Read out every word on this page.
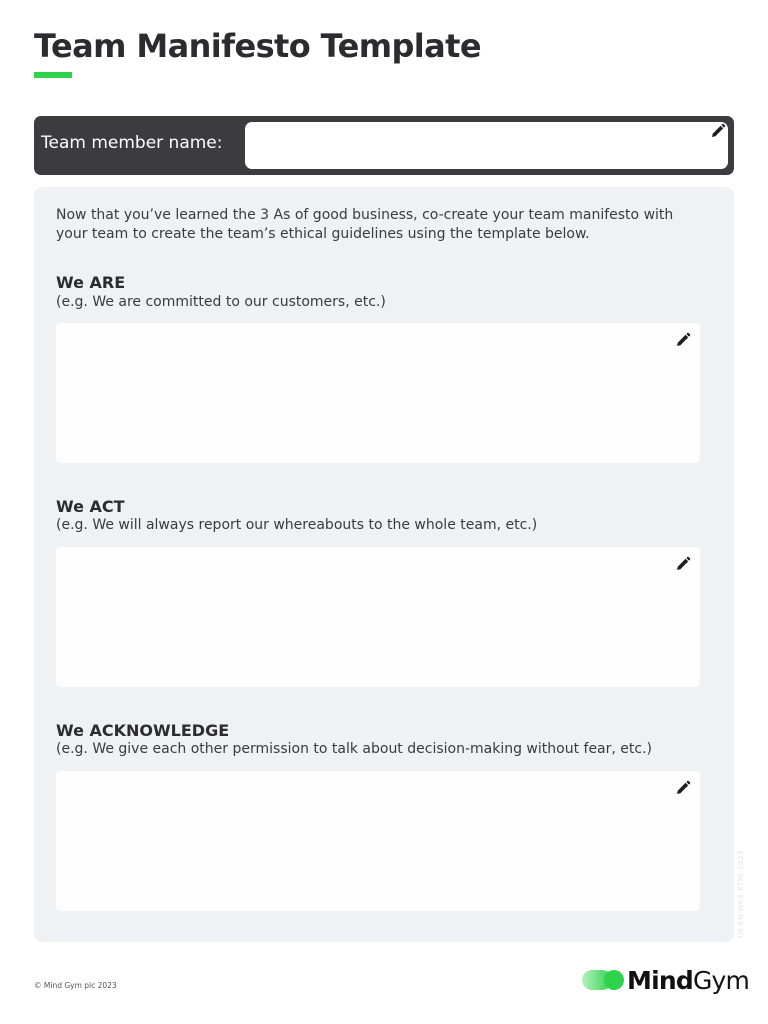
Team Manifesto Template
Team member name:

Now that you’ve learned the 3 As of good business, co-create your team manifesto with your team to create the team’s ethical guidelines using the template below.

We ARE
(e.g. We are committed to our customers, etc.)
We ACT
(e.g. We will always report our whereabouts to the whole team, etc.)
We ACKNOWLEDGE
(e.g. We give each other permission to talk about decision-making without fear, etc.)
UK-EN-WKS-ETHI-2023
© Mind Gym plc 2023	MindGym
